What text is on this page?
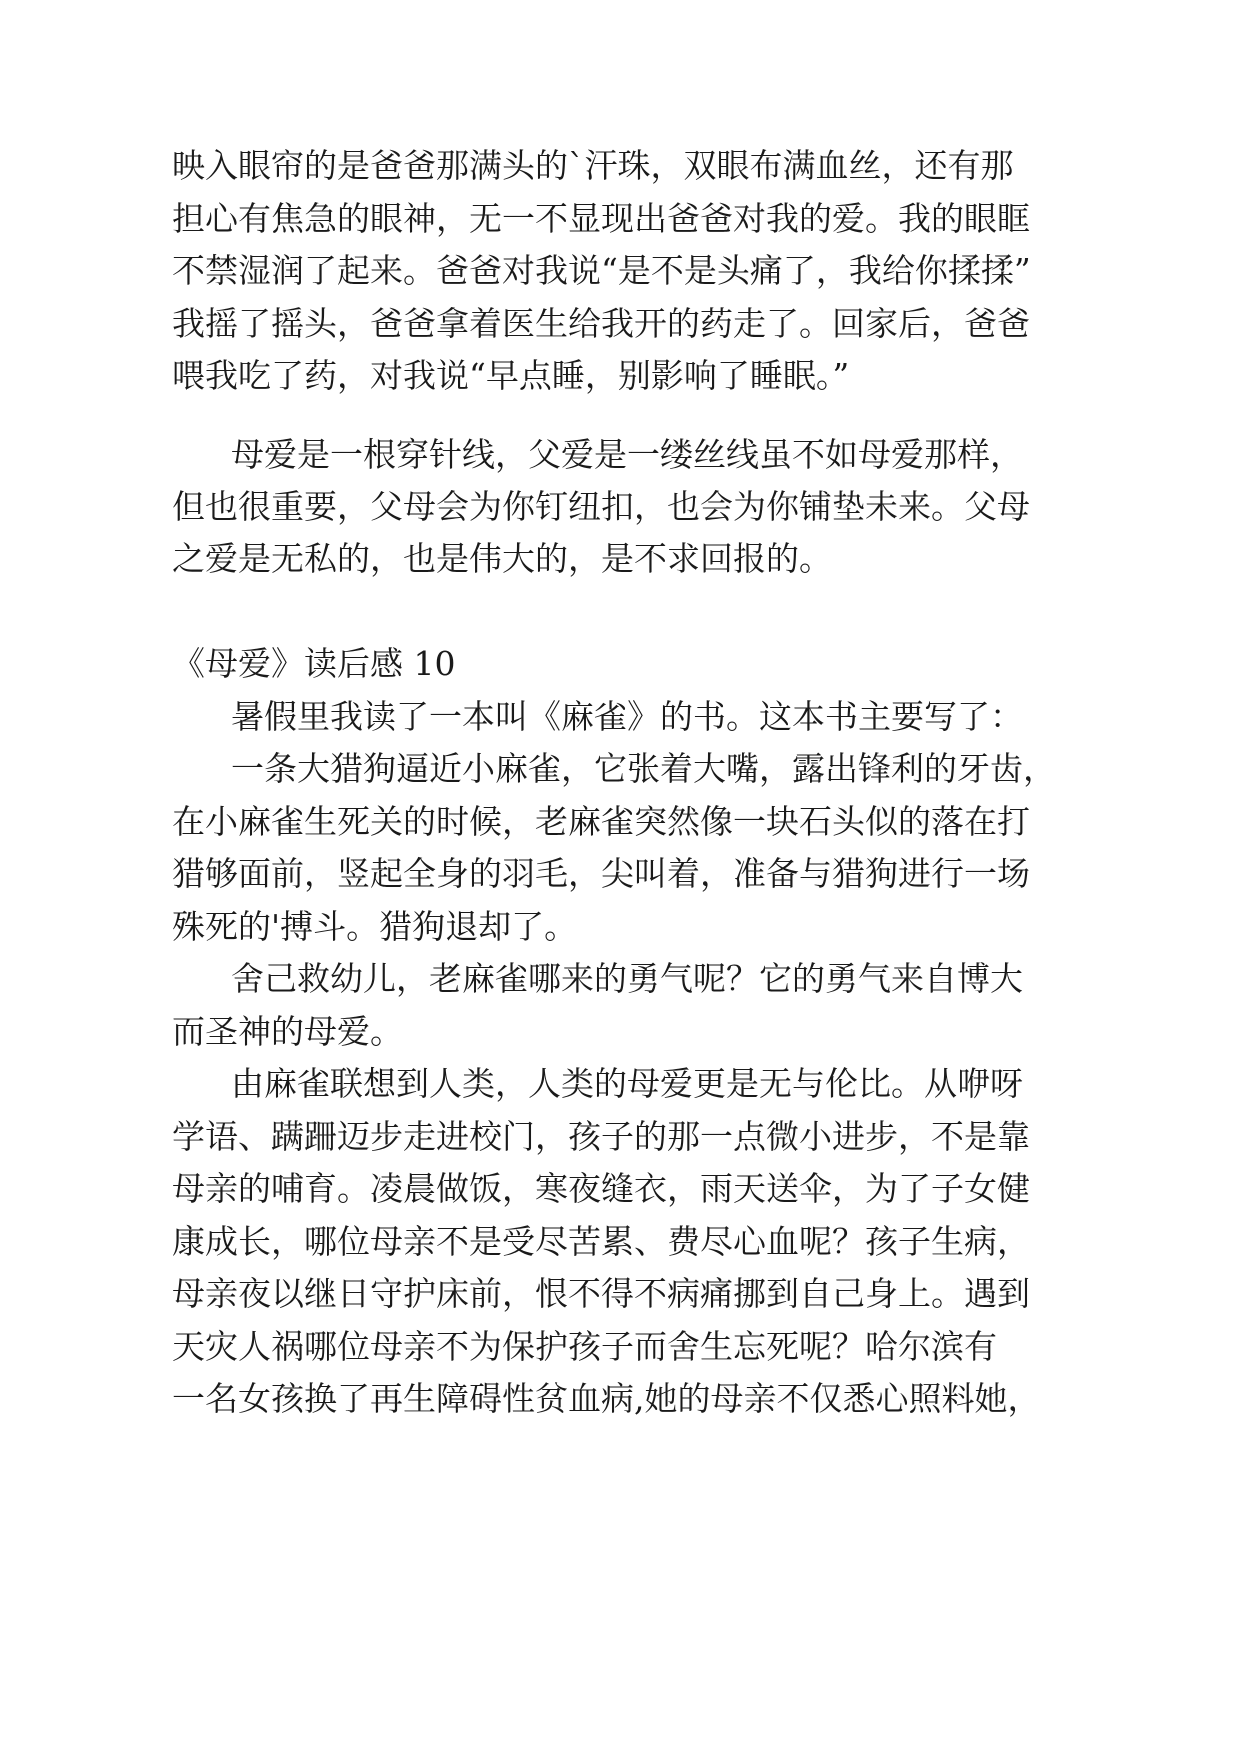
映入眼帘的是爸爸那满头的`汗珠，双眼布满血丝，还有那

担心有焦急的眼神，无一不显现出爸爸对我的爱。我的眼眶

不禁湿润了起来。爸爸对我说“是不是头痛了，我给你揉揉”

我摇了摇头，爸爸拿着医生给我开的药走了。回家后，爸爸

喂我吃了药，对我说“早点睡，别影响了睡眠。”

母爱是一根穿针线，父爱是一缕丝线虽不如母爱那样，

但也很重要，父母会为你钉纽扣，也会为你铺垫未来。父母

之爱是无私的，也是伟大的，是不求回报的。

《母爱》读后感 10

暑假里我读了一本叫《麻雀》的书。这本书主要写了：

一条大猎狗逼近小麻雀，它张着大嘴，露出锋利的牙齿，

在小麻雀生死关的时候，老麻雀突然像一块石头似的落在打

猎够面前，竖起全身的羽毛，尖叫着，准备与猎狗进行一场

殊死的'搏斗。猎狗退却了。

舍己救幼儿，老麻雀哪来的勇气呢？它的勇气来自博大

而圣神的母爱。

由麻雀联想到人类，人类的母爱更是无与伦比。从咿呀

学语、蹒跚迈步走进校门，孩子的那一点微小进步，不是靠

母亲的哺育。凌晨做饭，寒夜缝衣，雨天送伞，为了子女健

康成长，哪位母亲不是受尽苦累、费尽心血呢？孩子生病，

母亲夜以继日守护床前，恨不得不病痛挪到自己身上。遇到

天灾人祸哪位母亲不为保护孩子而舍生忘死呢？哈尔滨有

一名女孩换了再生障碍性贫血病,她的母亲不仅悉心照料她，
